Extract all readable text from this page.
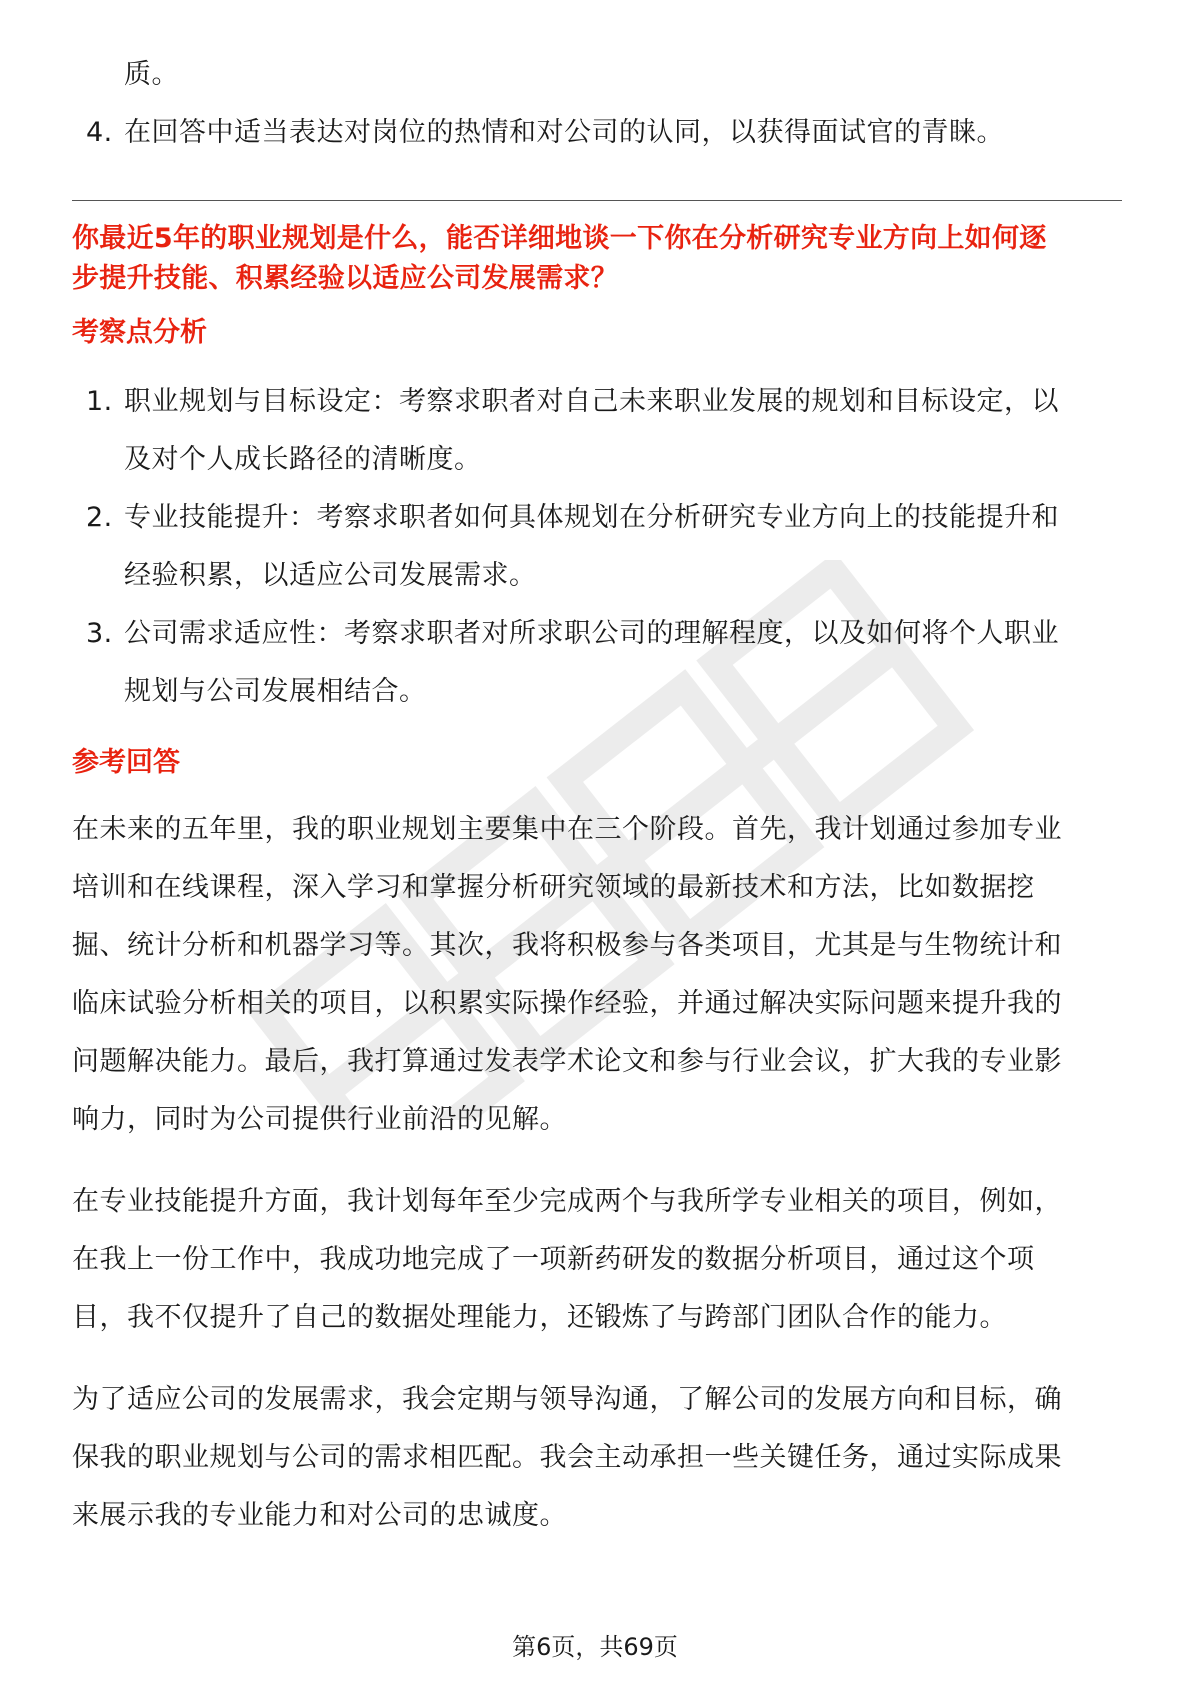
质。

4. 在回答中适当表达对岗位的热情和对公司的认同，以获得面试官的青睐。

你最近5年的职业规划是什么，能否详细地谈一下你在分析研究专业方向上如何逐

步提升技能、积累经验以适应公司发展需求？

考察点分析

1. 职业规划与目标设定：考察求职者对自己未来职业发展的规划和目标设定，以
及对个人成长路径的清晰度。
2. 专业技能提升：考察求职者如何具体规划在分析研究专业方向上的技能提升和
经验积累，以适应公司发展需求。
3. 公司需求适应性：考察求职者对所求职公司的理解程度，以及如何将个人职业
规划与公司发展相结合。

参考回答

在未来的五年里，我的职业规划主要集中在三个阶段。首先，我计划通过参加专业
培训和在线课程，深入学习和掌握分析研究领域的最新技术和方法，比如数据挖
掘、统计分析和机器学习等。其次，我将积极参与各类项目，尤其是与生物统计和
临床试验分析相关的项目，以积累实际操作经验，并通过解决实际问题来提升我的
问题解决能力。最后，我打算通过发表学术论文和参与行业会议，扩大我的专业影
响力，同时为公司提供行业前沿的见解。
在专业技能提升方面，我计划每年至少完成两个与我所学专业相关的项目，例如，
在我上一份工作中，我成功地完成了一项新药研发的数据分析项目，通过这个项
目，我不仅提升了自己的数据处理能力，还锻炼了与跨部门团队合作的能力。
为了适应公司的发展需求，我会定期与领导沟通，了解公司的发展方向和目标，确
保我的职业规划与公司的需求相匹配。我会主动承担一些关键任务，通过实际成果
来展示我的专业能力和对公司的忠诚度。
第6页，共69页
